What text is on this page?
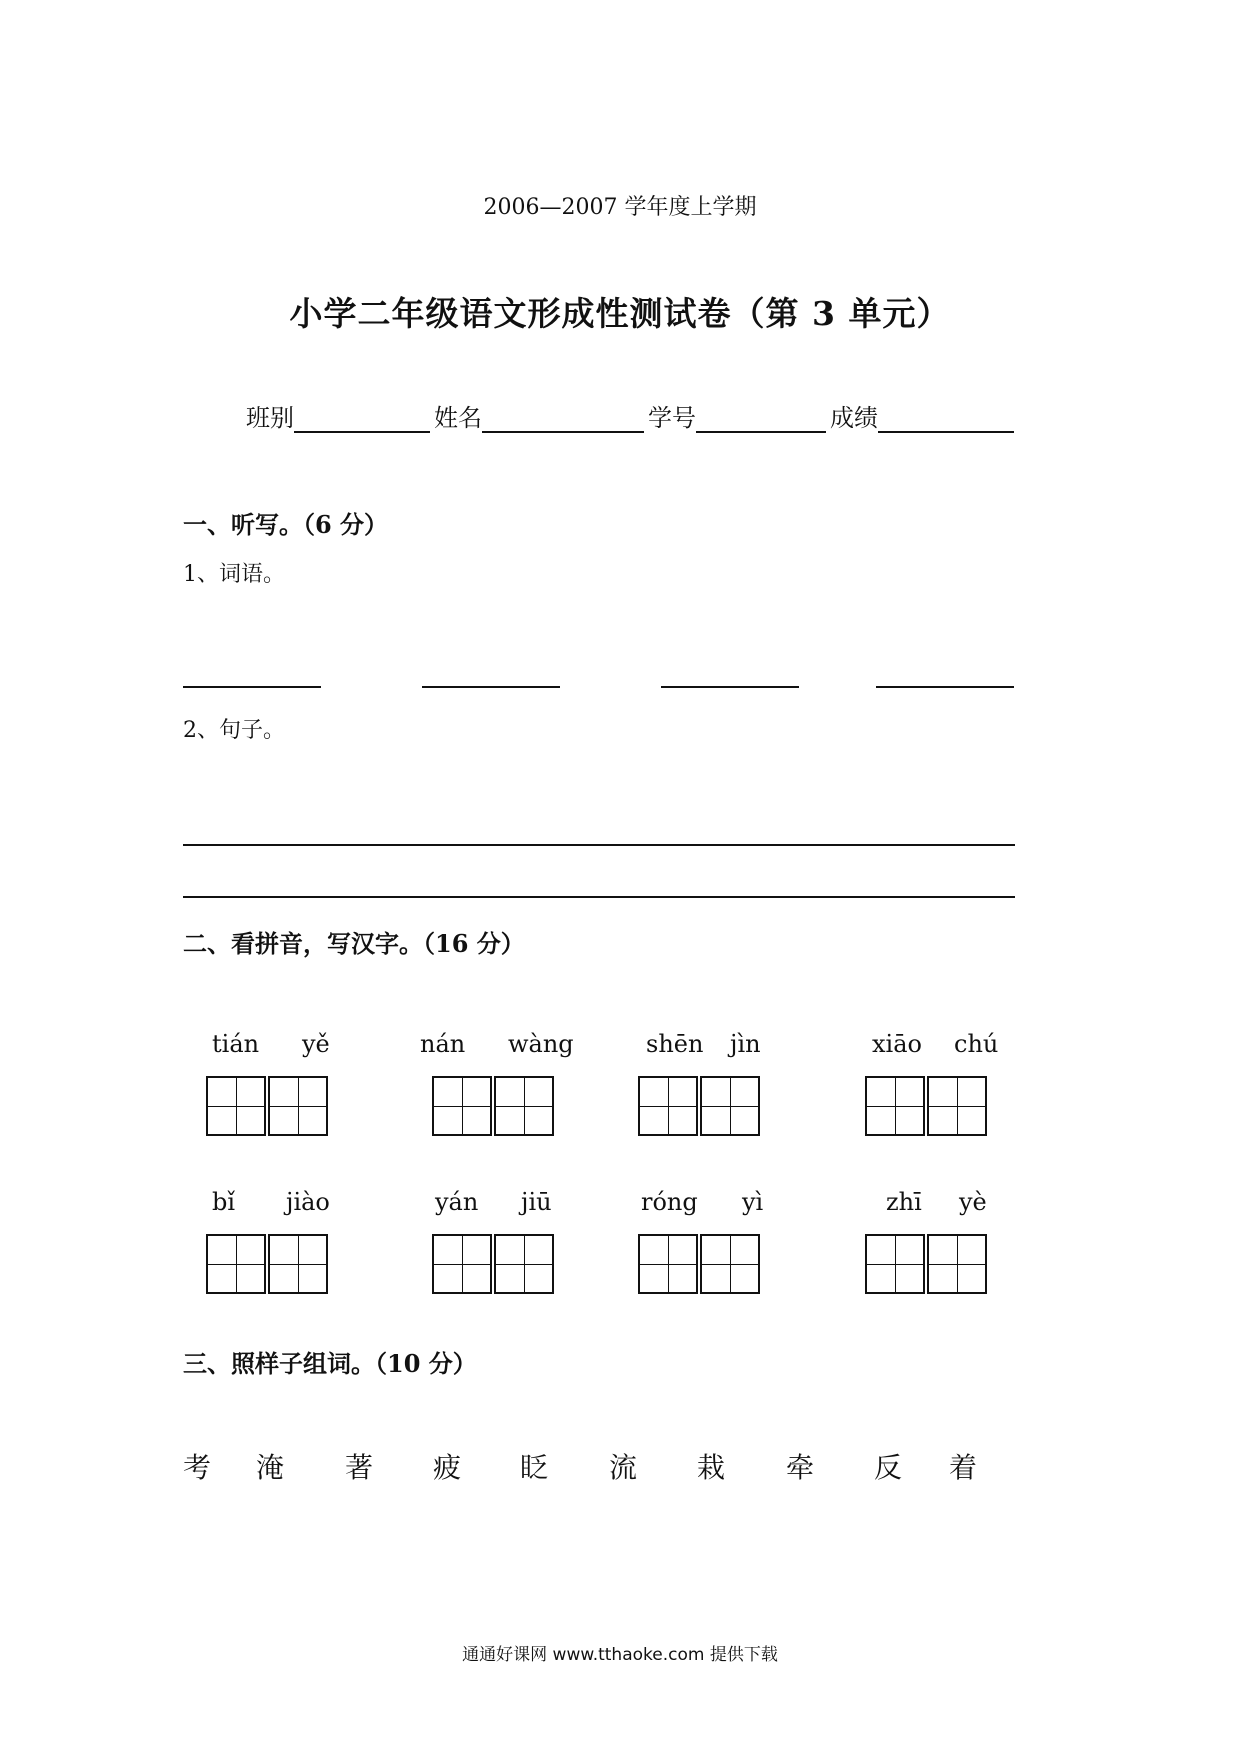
2006—2007 学年度上学期
小学二年级语文形成性测试卷（第 3 单元）
班别	姓名	学号	成绩
一、听写。（6 分）
1、词语。
2、句子。
二、看拼音，写汉字。（16 分）
tián yě	nán wàng	shēn jìn	xiāo chú
bǐ jiào	yán jiū	róng yì	zhī yè
三、照样子组词。（10 分）
考 淹 著 疲 眨 流 栽 牵 反 着
通通好课网 www.tthaoke.com 提供下载
